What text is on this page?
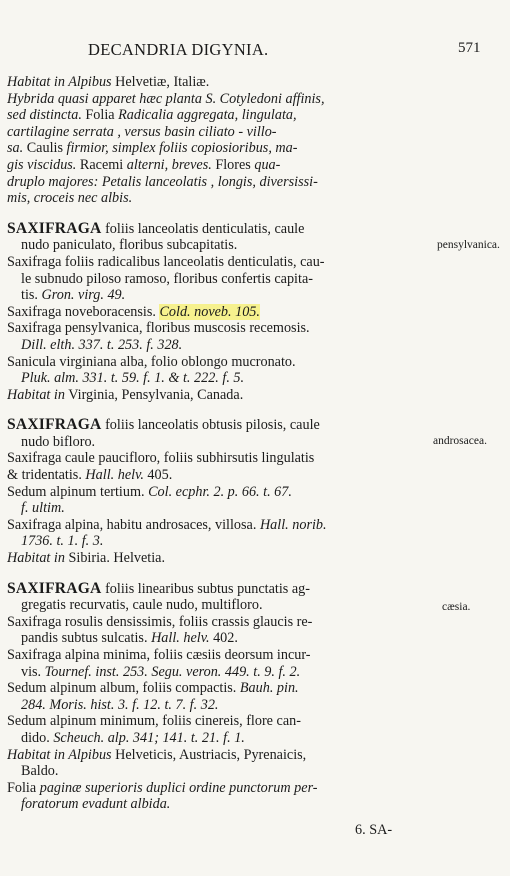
DECANDRIA DIGYNIA.	571
Habitat in Alpibus Helvetiæ, Italiæ.
Hybrida quasi apparet hæc planta S. Cotyledoni affinis,
sed distincta. Folia Radicalia aggregata, lingulata,
cartilagine serrata , versus basin ciliato - villo-
sa. Caulis firmior, simplex foliis copiosioribus, ma-
gis viscidus. Racemi alterni, breves. Flores qua-
druplo majores: Petalis lanceolatis , longis, diversissi-
mis, croceis nec albis.
SAXIFRAGA foliis lanceolatis denticulatis, caule
nudo paniculato, floribus subcapitatis.
Saxifraga foliis radicalibus lanceolatis denticulatis, cau-
le subnudo piloso ramoso, floribus confertis capita-
tis. Gron. virg. 49.
Saxifraga noveboracensis. Cold. noveb. 105.
Saxifraga pensylvanica, floribus muscosis recemosis.
Dill. elth. 337. t. 253. f. 328.
Sanicula virginiana alba, folio oblongo mucronato.
Pluk. alm. 331. t. 59. f. 1. & t. 222. f. 5.
Habitat in Virginia, Pensylvania, Canada.
SAXIFRAGA foliis lanceolatis obtusis pilosis, caule
nudo bifloro.
Saxifraga caule paucifloro, foliis subhirsutis lingulatis
& tridentatis. Hall. helv. 405.
Sedum alpinum tertium. Col. ecphr. 2. p. 66. t. 67.
f. ultim.
Saxifraga alpina, habitu androsaces, villosa. Hall. norib.
1736. t. 1. f. 3.
Habitat in Sibiria. Helvetia.
SAXIFRAGA foliis linearibus subtus punctatis ag-
gregatis recurvatis, caule nudo, multifloro.
Saxifraga rosulis densissimis, foliis crassis glaucis re-
pandis subtus sulcatis. Hall. helv. 402.
Saxifraga alpina minima, foliis cæsiis deorsum incur-
vis. Tournef. inst. 253. Segu. veron. 449. t. 9. f. 2.
Sedum alpinum album, foliis compactis. Bauh. pin.
284. Moris. hist. 3. f. 12. t. 7. f. 32.
Sedum alpinum minimum, foliis cinereis, flore can-
dido. Scheuch. alp. 341; 141. t. 21. f. 1.
Habitat in Alpibus Helveticis, Austriacis, Pyrenaicis,
Baldo.
Folia paginæ superioris duplici ordine punctorum per-
foratorum evadunt albida.
pensylvanica.
androsacea.
cæsia.
6. SA-
